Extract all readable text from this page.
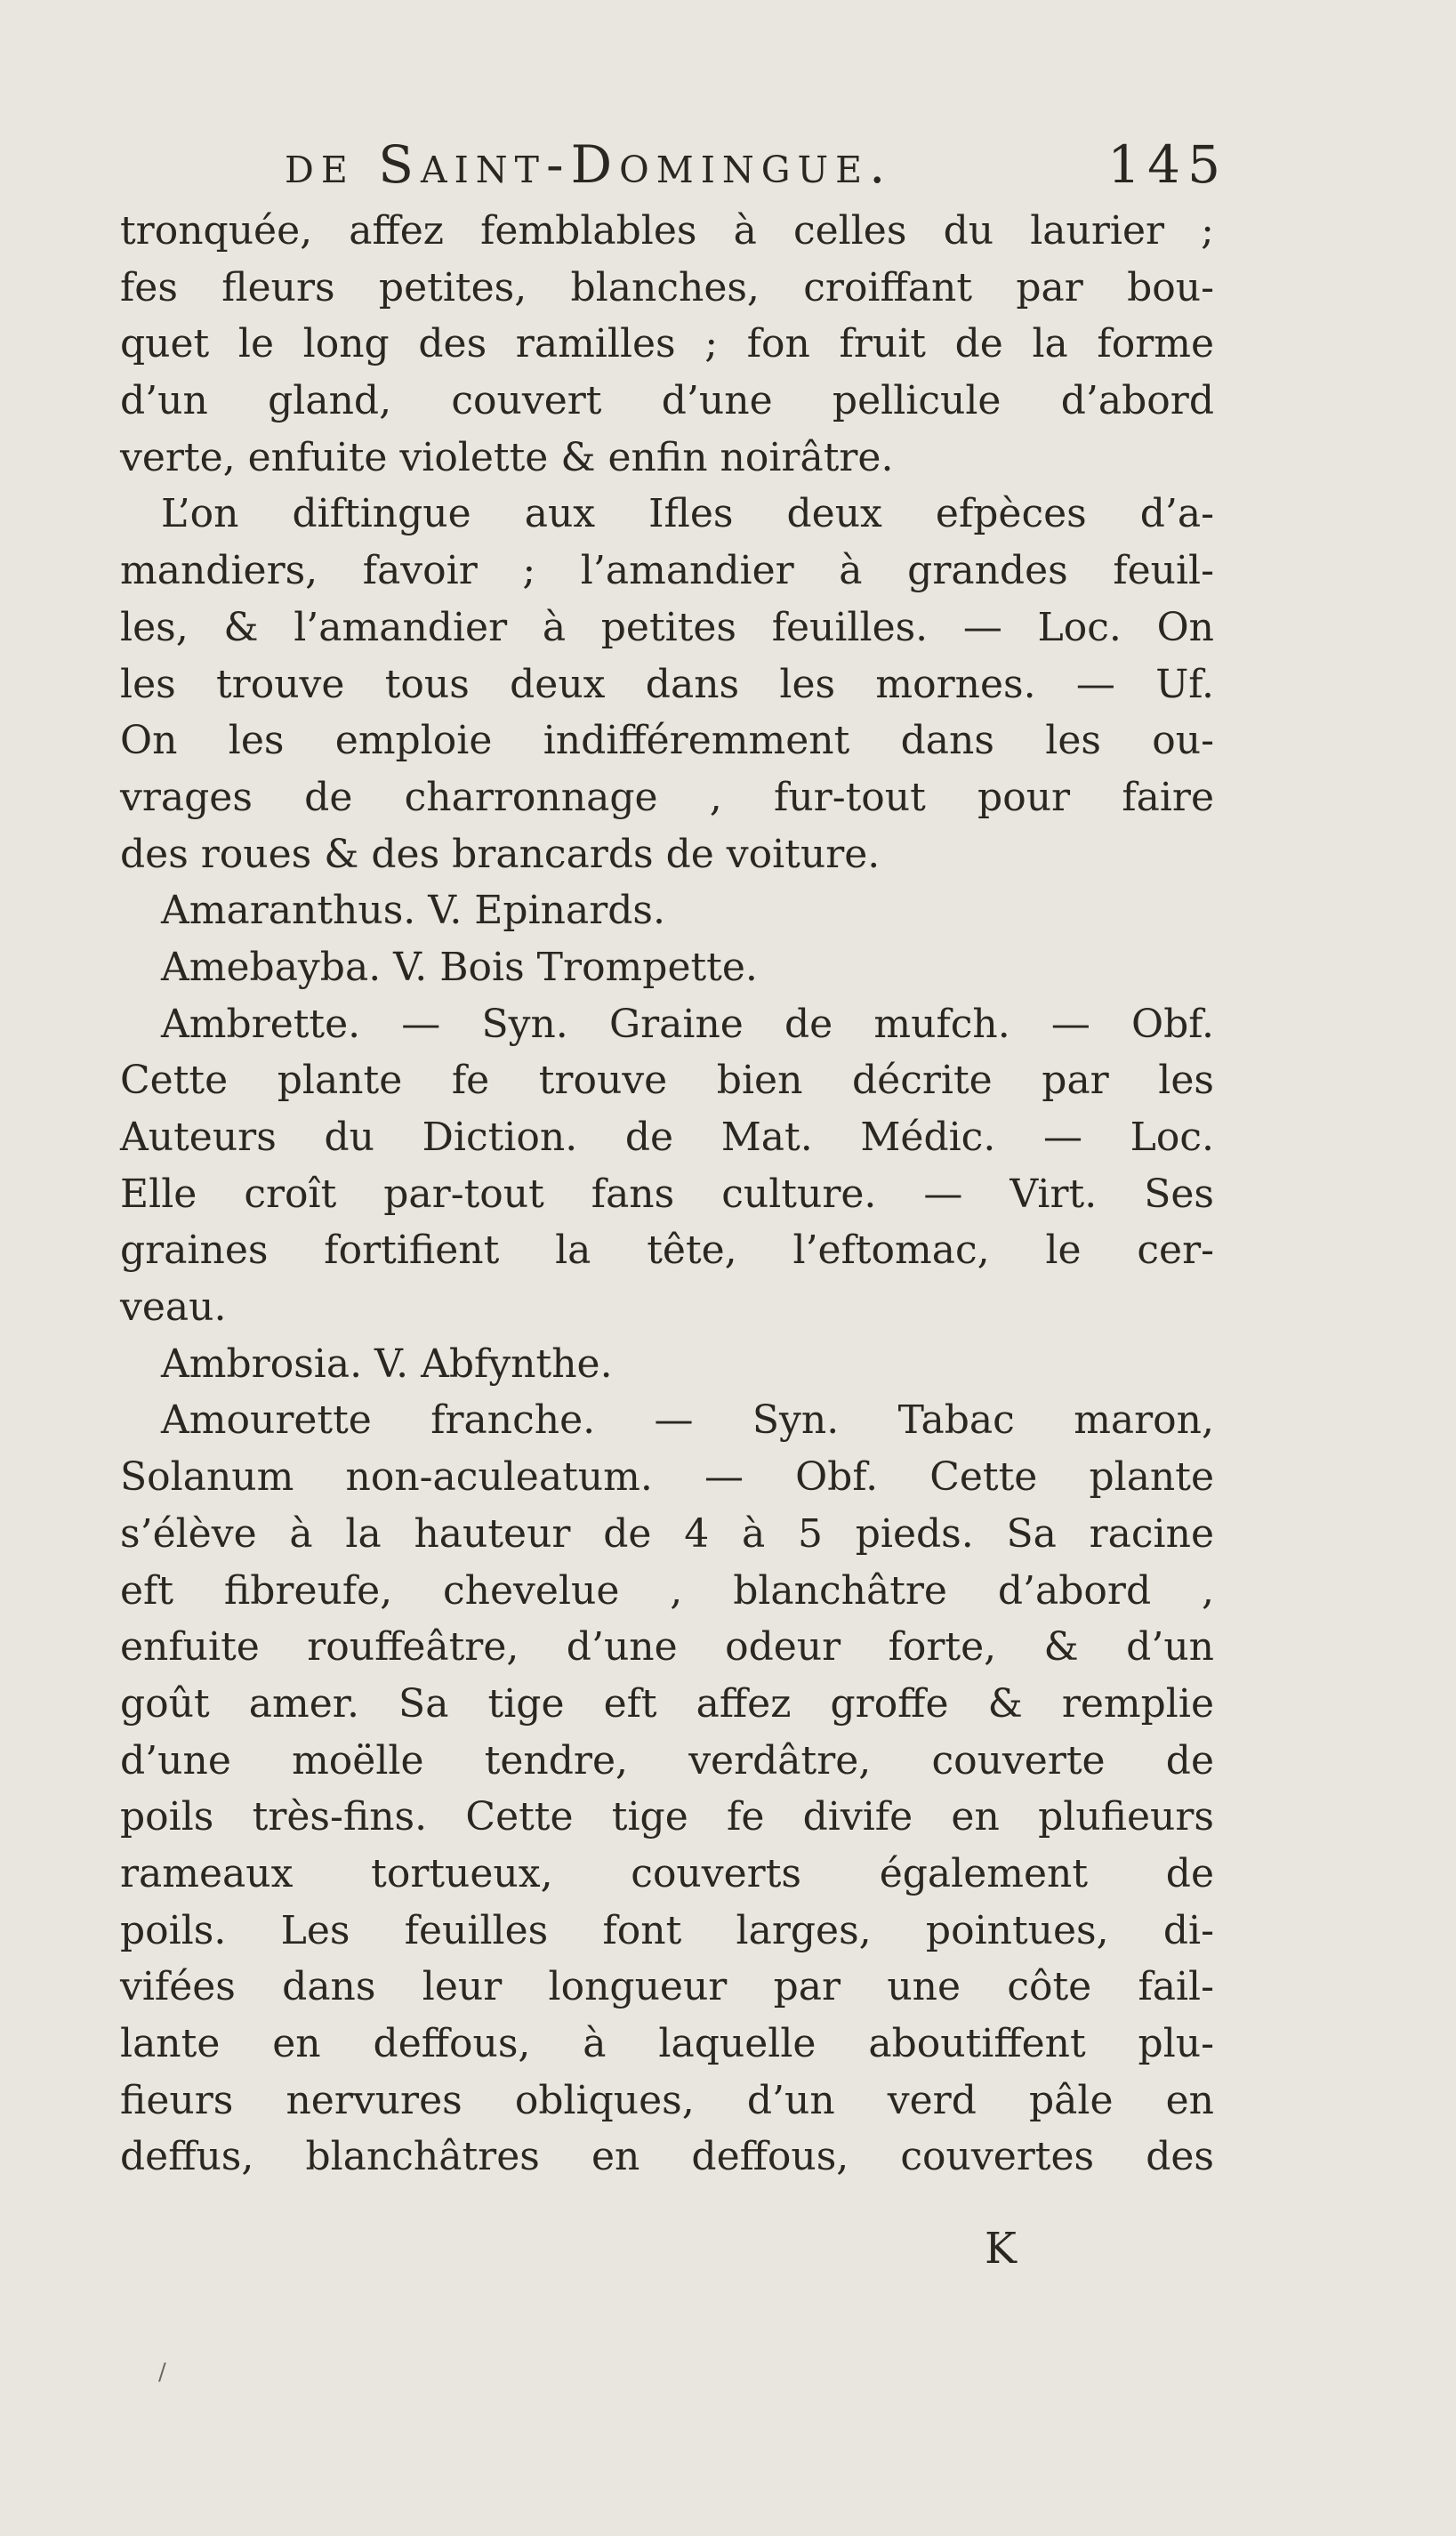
de Saint-Domingue.	145
tronquée, affez femblables à celles du laurier ;
fes fleurs petites, blanches, croiffant par bou-
quet le long des ramilles ; fon fruit de la forme
d’un gland, couvert d’une pellicule d’abord
verte, enfuite violette & enfin noirâtre.
L’on diftingue aux Ifles deux efpèces d’a-
mandiers, favoir ; l’amandier à grandes feuil-
les, & l’amandier à petites feuilles. — Loc. On
les trouve tous deux dans les mornes. — Uf.
On les emploie indifféremment dans les ou-
vrages de charronnage , fur-tout pour faire
des roues & des brancards de voiture.
Amaranthus. V. Epinards.
Amebayba. V. Bois Trompette.
Ambrette. — Syn. Graine de mufch. — Obf.
Cette plante fe trouve bien décrite par les
Auteurs du Diction. de Mat. Médic. — Loc.
Elle croît par-tout fans culture. — Virt. Ses
graines fortifient la tête, l’eftomac, le cer-
veau.
Ambrosia. V. Abfynthe.
Amourette franche. — Syn. Tabac maron,
Solanum non-aculeatum. — Obf. Cette plante
s’élève à la hauteur de 4 à 5 pieds. Sa racine
eft fibreufe, chevelue , blanchâtre d’abord ,
enfuite rouffeâtre, d’une odeur forte, & d’un
goût amer. Sa tige eft affez groffe & remplie
d’une moëlle tendre, verdâtre, couverte de
poils très-fins. Cette tige fe divife en plufieurs
rameaux tortueux, couverts également de
poils. Les feuilles font larges, pointues, di-
vifées dans leur longueur par une côte fail-
lante en deffous, à laquelle aboutiffent plu-
fieurs nervures obliques, d’un verd pâle en
deffus, blanchâtres en deffous, couvertes des
K
/
